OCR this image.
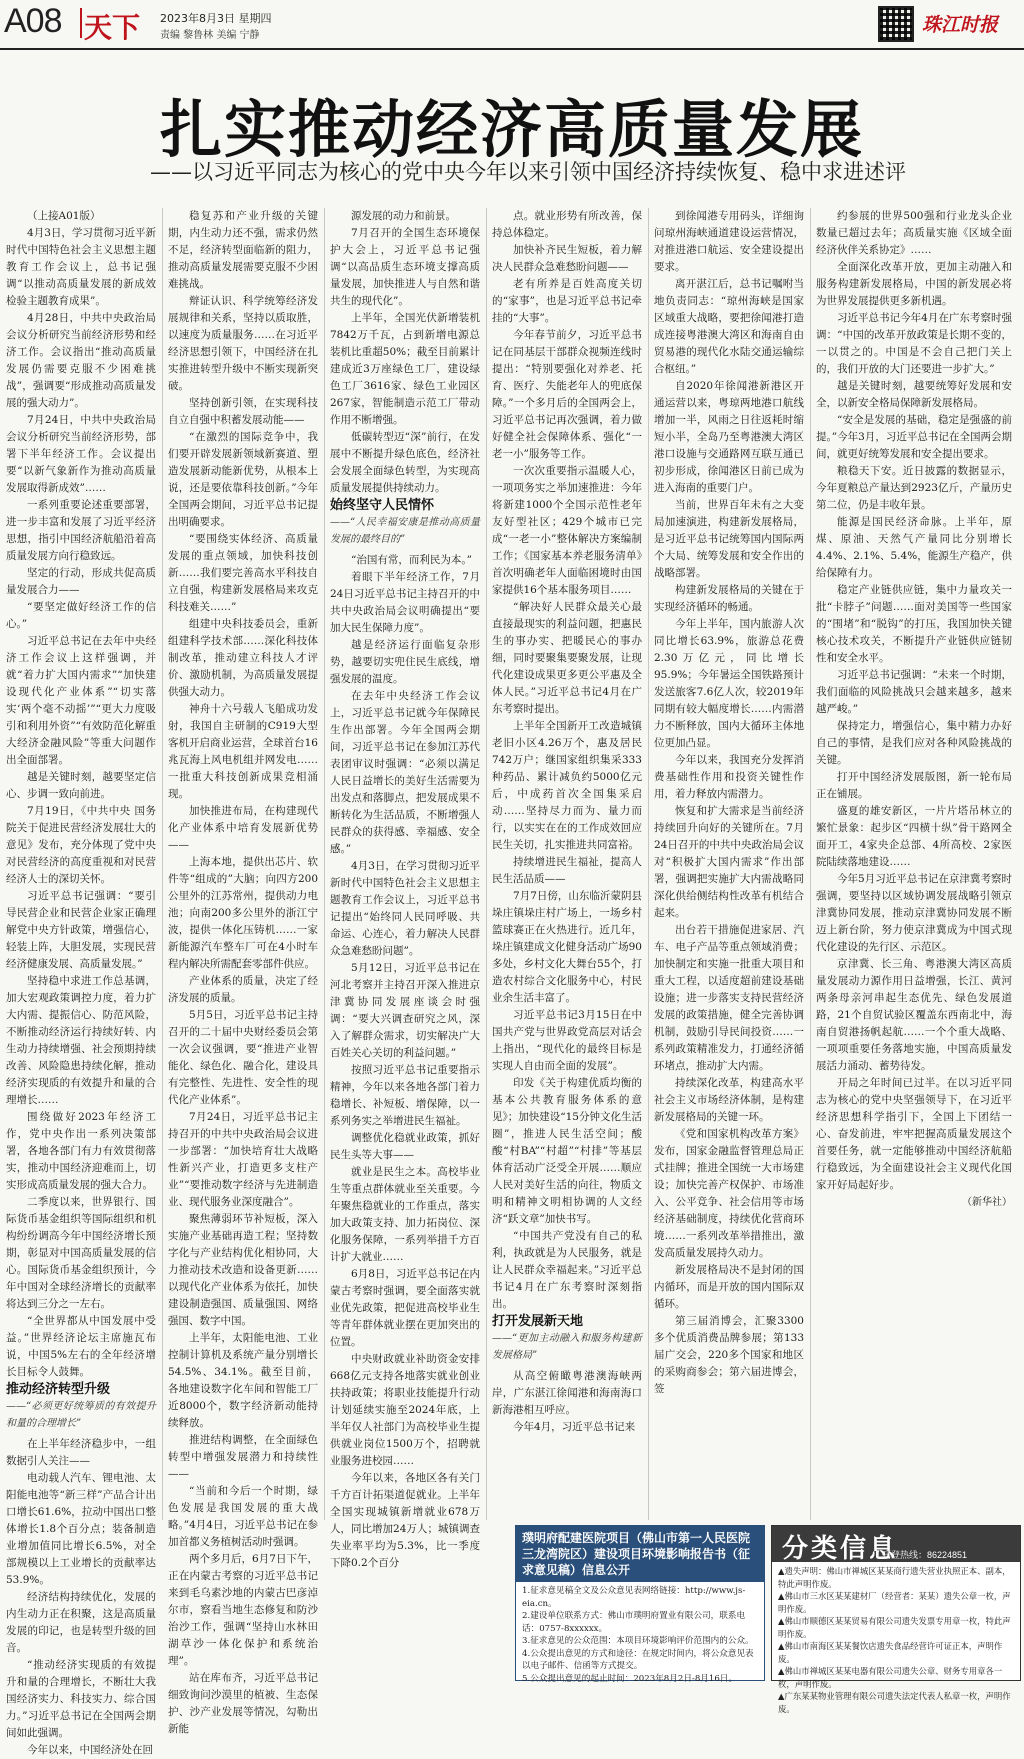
A08 天下 2023年8月3日 星期四
责编 黎鲁林 美编 宁静	珠江时报
扎实推动经济高质量发展
——以习近平同志为核心的党中央今年以来引领中国经济持续恢复、稳中求进述评

（上接A01版）

4月3日，学习贯彻习近平新时代中国特色社会主义思想主题教育工作会议上，总书记强调“以推动高质量发展的新成效检验主题教育成果”。

4月28日，中共中央政治局会议分析研究当前经济形势和经济工作。会议指出“推动高质量发展仍需要克服不少困难挑战”，强调要“形成推动高质量发展的强大动力”。

7月24日，中共中央政治局会议分析研究当前经济形势，部署下半年经济工作。会议提出要“以新气象新作为推动高质量发展取得新成效”……

一系列重要论述重要部署，进一步丰富和发展了习近平经济思想，指引中国经济航船沿着高质量发展方向行稳致远。

坚定的行动，形成共促高质量发展合力——

“要坚定做好经济工作的信心。”

习近平总书记在去年中央经济工作会议上这样强调，并就“着力扩大国内需求”“加快建设现代化产业体系”“切实落实‘两个毫不动摇’”“更大力度吸引和利用外资”“有效防范化解重大经济金融风险”等重大问题作出全面部署。

越是关键时刻，越要坚定信心、步调一致向前进。

7月19日，《中共中央 国务院关于促进民营经济发展壮大的意见》发布，充分体现了党中央对民营经济的高度重视和对民营经济人士的深切关怀。

习近平总书记强调：“要引导民营企业和民营企业家正确理解党中央方针政策，增强信心，轻装上阵，大胆发展，实现民营经济健康发展、高质量发展。”

坚持稳中求进工作总基调，加大宏观政策调控力度，着力扩大内需、提振信心、防范风险，不断推动经济运行持续好转、内生动力持续增强、社会预期持续改善、风险隐患持续化解，推动经济实现质的有效提升和量的合理增长……

围绕做好2023年经济工作，党中央作出一系列决策部署，各地各部门有力有效贯彻落实，推动中国经济迎难而上，切实形成高质量发展的强大合力。

二季度以来，世界银行、国际货币基金组织等国际组织和机构纷纷调高今年中国经济增长预期，彰显对中国高质量发展的信心。国际货币基金组织预计，今年中国对全球经济增长的贡献率将达到三分之一左右。

“全世界都从中国发展中受益。”世界经济论坛主席施瓦布说，中国5%左右的全年经济增长目标令人鼓舞。

推动经济转型升级

——“必须更好统筹质的有效提升和量的合理增长”

在上半年经济稳步中，一组数据引人关注——

电动载人汽车、锂电池、太阳能电池等“新三样”产品合计出口增长61.6%，拉动中国出口整体增长1.8个百分点；装备制造业增加值同比增长6.5%，对全部规模以上工业增长的贡献率达53.9%。

经济结构持续优化，发展的内生动力正在积聚，这是高质量发展的印记，也是转型升级的回音。

“推动经济实现质的有效提升和量的合理增长，不断壮大我国经济实力、科技实力、综合国力。”习近平总书记在全国两会期间如此强调。

今年以来，中国经济处在回

稳复苏和产业升级的关键期，内生动力还不强，需求仍然不足，经济转型面临新的阻力，推动高质量发展需要克服不少困难挑战。

辩证认识、科学统筹经济发展规律和关系，坚持以质取胜，以速度为质量服务……在习近平经济思想引领下，中国经济在扎实推进转型升级中不断实现新突破。

坚持创新引领，在实现科技自立自强中积蓄发展动能——

“在激烈的国际竞争中，我们要开辟发展新领域新赛道、塑造发展新动能新优势，从根本上说，还是要依靠科技创新。”今年全国两会期间，习近平总书记提出明确要求。

“要围绕实体经济、高质量发展的重点领域，加快科技创新……我们要完善高水平科技自立自强，构建新发展格局来攻克科技难关……”

组建中央科技委员会，重新组建科学技术部……深化科技体制改革，推动建立科技人才评价、激励机制，为高质量发展提供强大动力。

神舟十六号载人飞船成功发射，我国自主研制的C919大型客机开启商业运营，全球首台16兆瓦海上风电机组并网发电……一批重大科技创新成果竞相涌现。

加快推进布局，在构建现代化产业体系中培育发展新优势——

上海本地，提供出芯片、软件等“组成的”大脑；向四方200公里外的江苏常州，提供动力电池；向南200多公里外的浙江宁波，提供一体化压铸机……一家新能源汽车整车厂可在4小时车程内解决所需配套零部件供应。

产业体系的质量，决定了经济发展的质量。

5月5日，习近平总书记主持召开的二十届中央财经委员会第一次会议强调，要“推进产业智能化、绿色化、融合化，建设具有完整性、先进性、安全性的现代化产业体系”。

7月24日，习近平总书记主持召开的中共中央政治局会议进一步部署：“加快培育壮大战略性新兴产业，打造更多支柱产业”“要推动数字经济与先进制造业、现代服务业深度融合”。

聚焦薄弱环节补短板，深入实施产业基础再造工程；坚持数字化与产业结构优化相协同，大力推动技术改造和设备更新……以现代化产业体系为依托，加快建设制造强国、质量强国、网络强国、数字中国。

上半年，太阳能电池、工业控制计算机及系统产量分别增长54.5%、34.1%。截至目前，各地建设数字化车间和智能工厂近8000个，数字经济新动能持续释放。

推进结构调整，在全面绿色转型中增强发展潜力和持续性——

“当前和今后一个时期，绿色发展是我国发展的重大战略。”4月4日，习近平总书记在参加首都义务植树活动时强调。

两个多月后，6月7日下午，正在内蒙古考察的习近平总书记来到毛乌素沙地的内蒙古巴彦淖尔市，察看当地生态修复和防沙治沙工作，强调“坚持山水林田湖草沙一体化保护和系统治理”。

站在库布齐，习近平总书记细致询问沙漠里的植被、生态保护、沙产业发展等情况，勾勒出新能

源发展的动力和前景。

7月召开的全国生态环境保护大会上，习近平总书记强调“以高品质生态环境支撑高质量发展，加快推进人与自然和谐共生的现代化”。

上半年，全国光伏新增装机7842万千瓦，占到新增电源总装机比重超50%；截至目前累计建成近3万座绿色工厂，建设绿色工厂3616家、绿色工业园区267家，智能制造示范工厂带动作用不断增强。

低碳转型迈“深”前行，在发展中不断提升绿色底色，经济社会发展全面绿色转型，为实现高质量发展提供持续动力。

始终坚守人民情怀

——“人民幸福安康是推动高质量发展的最终目的”

“治国有常，而利民为本。”

着眼下半年经济工作，7月24日习近平总书记主持召开的中共中央政治局会议明确提出“要加大民生保障力度”。

越是经济运行面临复杂形势，越要切实兜住民生底线，增强发展的温度。

在去年中央经济工作会议上，习近平总书记就今年保障民生作出部署。今年全国两会期间，习近平总书记在参加江苏代表团审议时强调：“必须以满足人民日益增长的美好生活需要为出发点和落脚点，把发展成果不断转化为生活品质，不断增强人民群众的获得感、幸福感、安全感。”

4月3日，在学习贯彻习近平新时代中国特色社会主义思想主题教育工作会议上，习近平总书记提出“始终同人民同呼吸、共命运、心连心，着力解决人民群众急难愁盼问题”。

5月12日，习近平总书记在河北考察并主持召开深入推进京津冀协同发展座谈会时强调：“要大兴调查研究之风，深入了解群众需求，切实解决广大百姓关心关切的利益问题。”

按照习近平总书记重要指示精神，今年以来各地各部门着力稳增长、补短板、增保障，以一系列务实之举增进民生福祉。

调整优化稳就业政策，抓好民生头等大事——

就业是民生之本。高校毕业生等重点群体就业至关重要。今年聚焦稳就业的工作重点，落实加大政策支持、加力拓岗位、深化服务保障，一系列举措千方百计扩大就业……

6月8日，习近平总书记在内蒙古考察时强调，要全面落实就业优先政策，把促进高校毕业生等青年群体就业摆在更加突出的位置。

中央财政就业补助资金安排668亿元支持各地落实就业创业扶持政策；将职业技能提升行动计划延续实施至2024年底，上半年仅人社部门为高校毕业生提供就业岗位1500万个，招聘就业服务进校园……

今年以来，各地区各有关门千方百计拓渠道促就业。上半年全国实现城镇新增就业678万人，同比增加24万人；城镇调查失业率平均为5.3%，比一季度下降0.2个百分

点。就业形势有所改善，保持总体稳定。

加快补齐民生短板，着力解决人民群众急难愁盼问题——

老有所养是百姓高度关切的“家事”，也是习近平总书记牵挂的“大事”。

今年春节前夕，习近平总书记在同基层干部群众视频连线时提出：“特别要强化对养老、托育、医疗、失能老年人的兜底保障。”一个多月后的全国两会上，习近平总书记再次强调，着力做好健全社会保障体系、强化“一老一小”服务等工作。

一次次重要指示温暖人心，一项项务实之举加速推进：今年将新建1000个全国示范性老年友好型社区；429个城市已完成“一老一小”整体解决方案编制工作；《国家基本养老服务清单》首次明确老年人面临困境时由国家提供16个基本服务项目……

“解决好人民群众最关心最直接最现实的利益问题，把惠民生的事办实、把暖民心的事办细，同时要聚集要聚发展，让现代化建设成果更多更公平惠及全体人民。”习近平总书记4月在广东考察时提出。

上半年全国新开工改造城镇老旧小区4.26万个，惠及居民742万户；继国家组织集采333种药品、累计减负约5000亿元后，中成药首次全国集采启动……坚持尽力而为、量力而行，以实实在在的工作成效回应民生关切，扎实推进共同富裕。

持续增进民生福祉，提高人民生活品质——

7月7日傍，山东临沂蒙阴县垛庄镇垛庄村广场上，一场乡村篮球赛正在火热进行。近几年，垛庄镇建成文化健身活动广场90多处，乡村文化大舞台55个，打造农村综合文化服务中心，村民业余生活丰富了。

习近平总书记3月15日在中国共产党与世界政党高层对话会上指出，“现代化的最终目标是实现人自由而全面的发展”。

印发《关于构建优质均衡的基本公共教育服务体系的意见》；加快建设“15分钟文化生活圈”，推进人民生活空间；酸酸“村BA”“村超”“村排”等基层体育活动广泛受全开展……顺应人民对美好生活的向往，物质文明和精神文明相协调的人文经济“跃文章”加快书写。

“中国共产党没有自己的私利，执政就是为人民服务，就是让人民群众幸福起来。”习近平总书记4月在广东考察时深刻指出。

打开发展新天地

——“更加主动融入和服务构建新发展格局”

从高空俯瞰粤港澳海峡两岸，广东湛江徐闻港和海南海口新海港相互呼应。

今年4月，习近平总书记来

到徐闻港专用码头，详细询问琼州海峡通道建设运营情况，对推进港口航运、安全建设提出要求。

离开湛江后，总书记嘱咐当地负责同志：“琼州海峡是国家区域重大战略，要把徐闻港打造成连接粤港澳大湾区和海南自由贸易港的现代化水陆交通运输综合枢纽。”

自2020年徐闻港新港区开通运营以来，粤琼两地港口航线增加一半，风雨之日往返耗时缩短小半，全岛乃至粤港澳大湾区港口设施与交通路网互联互通已初步形成，徐闻港区日前已成为进入海南的重要门户。

当前，世界百年未有之大变局加速演进，构建新发展格局，是习近平总书记统筹国内国际两个大局、统筹发展和安全作出的战略部署。

构建新发展格局的关键在于实现经济循环的畅通。

今年上半年，国内旅游人次同比增长63.9%，旅游总花费2.30万亿元，同比增长95.9%；今年暑运全国铁路预计发送旅客7.6亿人次，较2019年同期有较大幅度增长……内需潜力不断释放，国内大循环主体地位更加凸显。

今年以来，我国充分发挥消费基础性作用和投资关键性作用，着力释放内需潜力。

恢复和扩大需求是当前经济持续回升向好的关键所在。7月24日召开的中共中央政治局会议对“积极扩大国内需求”作出部署，强调把实施扩大内需战略同深化供给侧结构性改革有机结合起来。

出台若干措施促进家居、汽车、电子产品等重点领域消费；加快制定和实施一批重大项目和重大工程，以适度超前建设基础设施；进一步落实支持民营经济发展的政策措施，健全完善协调机制，鼓励引导民间投资……一系列政策精准发力，打通经济循环堵点，推动扩大内需。

持续深化改革，构建高水平社会主义市场经济体制，是构建新发展格局的关键一环。

《党和国家机构改革方案》发布，国家金融监督管理总局正式挂牌；推进全国统一大市场建设；加快完善产权保护、市场准入、公平竞争、社会信用等市场经济基础制度，持续优化营商环境……一系列改革举措推出，激发高质量发展持久动力。

新发展格局决不是封闭的国内循环，而是开放的国内国际双循环。

第三届消博会，汇聚3300多个优质消费品牌参展；第133届广交会，220多个国家和地区的采购商参会；第六届进博会，签

约参展的世界500强和行业龙头企业数量已超过去年；高质量实施《区域全面经济伙伴关系协定》……

全面深化改革开放，更加主动融入和服务构建新发展格局，中国的新发展必将为世界发展提供更多新机遇。

习近平总书记今年4月在广东考察时强调：“中国的改革开放政策是长期不变的，一以贯之的。中国是不会自己把门关上的，我们开放的大门还要进一步扩大。”

越是关键时刻，越要统筹好发展和安全，以新安全格局保障新发展格局。

“安全是发展的基础，稳定是强盛的前提。”今年3月，习近平总书记在全国两会期间，就更好统筹发展和安全提出要求。

粮稳天下安。近日披露的数据显示，今年夏粮总产量达到2923亿斤，产量历史第二位，仍是丰收年景。

能源是国民经济命脉。上半年，原煤、原油、天然气产量同比分别增长4.4%、2.1%、5.4%，能源生产稳产，供给保障有力。

稳定产业链供应链，集中力量攻关一批“卡脖子”问题……面对美国等一些国家的“围堵”和“脱钩”的打压，我国加快关键核心技术攻关，不断提升产业链供应链韧性和安全水平。

习近平总书记强调：“未来一个时期，我们面临的风险挑战只会越来越多，越来越严峻。”

保持定力，增强信心，集中精力办好自己的事情，是我们应对各种风险挑战的关键。

打开中国经济发展版图，新一轮布局正在铺展。

盛夏的雄安新区，一片片塔吊林立的繁忙景象：起步区“四横十纵”骨干路网全面开工，4家央企总部、4所高校、2家医院陆续落地建设……

今年5月习近平总书记在京津冀考察时强调，要坚持以区域协调发展战略引领京津冀协同发展，推动京津冀协同发展不断迈上新台阶，努力使京津冀成为中国式现代化建设的先行区、示范区。

京津冀、长三角、粤港澳大湾区高质量发展动力源作用日益增强，长江、黄河两条母亲河串起生态优先、绿色发展道路，21个自贸试验区覆盖东西南北中，海南自贸港扬帆起航……一个个重大战略、一项项重要任务落地实施，中国高质量发展活力涌动、蓄势待发。

开局之年时间已过半。在以习近平同志为核心的党中央坚强领导下，在习近平经济思想科学指引下，全国上下团结一心、奋发前进，牢牢把握高质量发展这个首要任务，就一定能够推动中国经济航船行稳致远，为全面建设社会主义现代化国家开好局起好步。

（新华社）

璞明府配建医院项目（佛山市第一人民医院三龙湾院区）建设项目环境影响报告书（征求意见稿）信息公开
1.征求意见稿全文及公众意见表网络链接：http://www.js-eia.cn。
2.建设单位联系方式：佛山市璞明府置业有限公司，联系电话：0757-8xxxxxx。
3.征求意见的公众范围：本项目环境影响评价范围内的公众。
4.公众提出意见的方式和途径：在规定时间内，将公众意见表以电子邮件、信函等方式提交。
5.公众提出意见的起止时间：2023年8月2日-8月16日。
分类信息
刊登热线：86224851
▲遗失声明：佛山市禅城区某某商行遗失营业执照正本、副本，特此声明作废。
▲佛山市三水区某某建材厂（经营者：某某）遗失公章一枚，声明作废。
▲佛山市顺德区某某贸易有限公司遗失发票专用章一枚，特此声明作废。
▲佛山市南海区某某餐饮店遗失食品经营许可证正本，声明作废。
▲佛山市禅城区某某电器有限公司遗失公章、财务专用章各一枚，声明作废。
▲广东某某物业管理有限公司遗失法定代表人私章一枚，声明作废。
